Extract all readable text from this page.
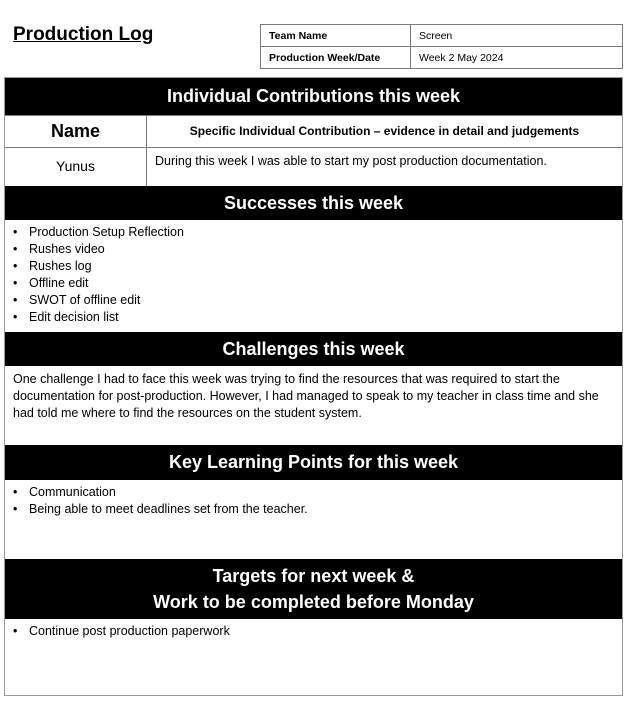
Production Log	Team Name	Screen
Production Week/Date	Week 2 May 2024
Individual Contributions this week
Name	Specific Individual Contribution – evidence in detail and judgements
Yunus	During this week I was able to start my post production documentation.
Successes this week
• Production Setup Reflection
• Rushes video
• Rushes log
• Offline edit
• SWOT of offline edit
• Edit decision list
Challenges this week
One challenge I had to face this week was trying to find the resources that was required to start the documentation for post-production. However, I had managed to speak to my teacher in class time and she had told me where to find the resources on the student system.
Key Learning Points for this week
• Communication
• Being able to meet deadlines set from the teacher.
Targets for next week &
Work to be completed before Monday
• Continue post production paperwork
